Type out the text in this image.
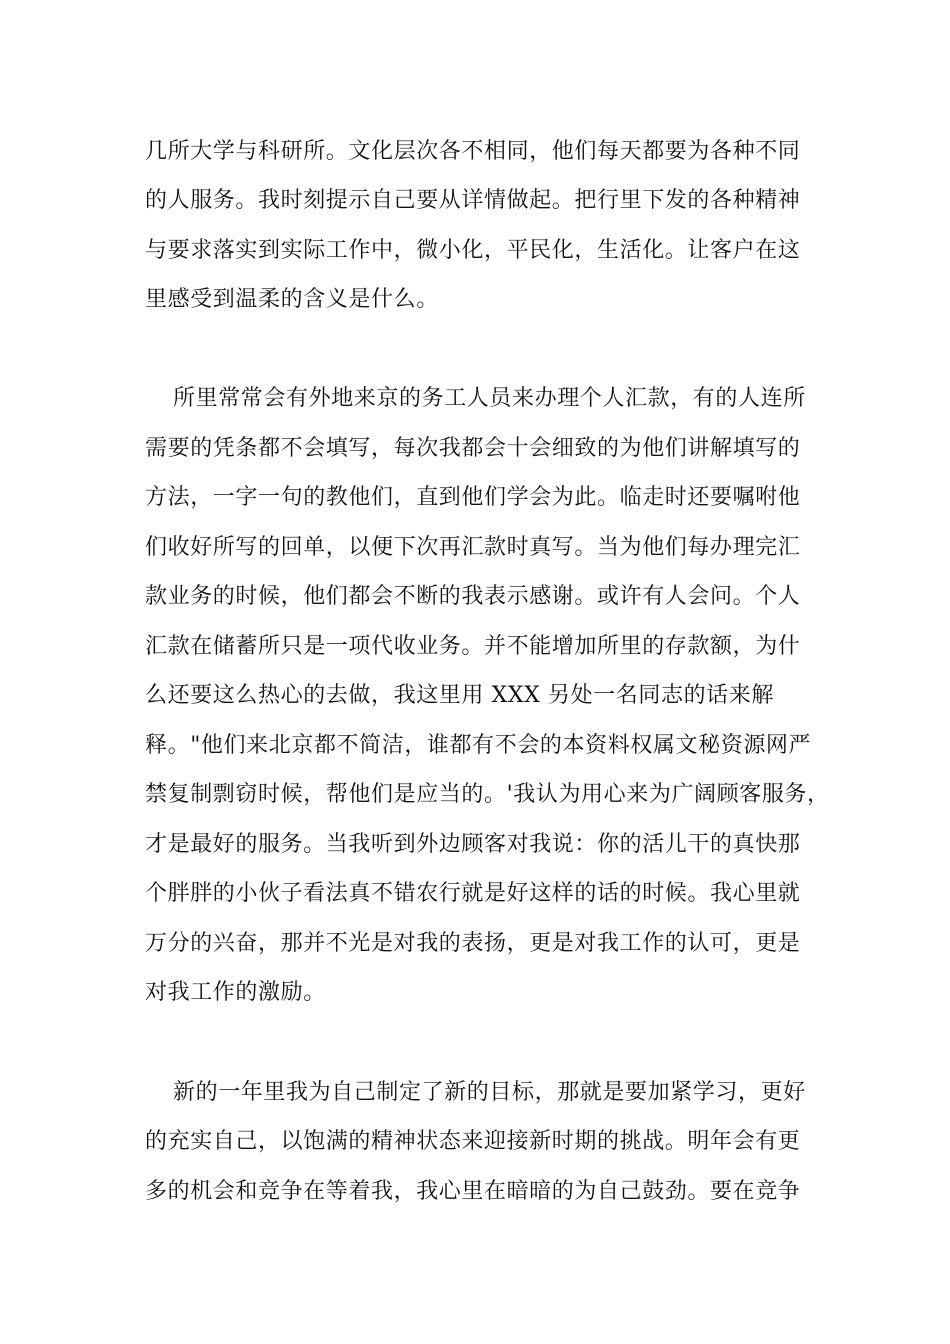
几所大学与科研所。文化层次各不相同，他们每天都要为各种不同
的人服务。我时刻提示自己要从详情做起。把行里下发的各种精神
与要求落实到实际工作中，微小化，平民化，生活化。让客户在这
里感受到温柔的含义是什么。
所里常常会有外地来京的务工人员来办理个人汇款，有的人连所
需要的凭条都不会填写，每次我都会十会细致的为他们讲解填写的
方法，一字一句的教他们，直到他们学会为此。临走时还要嘱咐他
们收好所写的回单，以便下次再汇款时真写。当为他们每办理完汇
款业务的时候，他们都会不断的我表示感谢。或许有人会问。个人
汇款在储蓄所只是一项代收业务。并不能增加所里的存款额，为什
么还要这么热心的去做，我这里用 XXX 另处一名同志的话来解
释。"他们来北京都不简洁，谁都有不会的本资料权属文秘资源网严
禁复制剽窃时候，帮他们是应当的。'我认为用心来为广阔顾客服务，
才是最好的服务。当我听到外边顾客对我说：你的活儿干的真快那
个胖胖的小伙子看法真不错农行就是好这样的话的时候。我心里就
万分的兴奋，那并不光是对我的表扬，更是对我工作的认可，更是
对我工作的激励。
新的一年里我为自己制定了新的目标，那就是要加紧学习，更好
的充实自己，以饱满的精神状态来迎接新时期的挑战。明年会有更
多的机会和竞争在等着我，我心里在暗暗的为自己鼓劲。要在竞争
